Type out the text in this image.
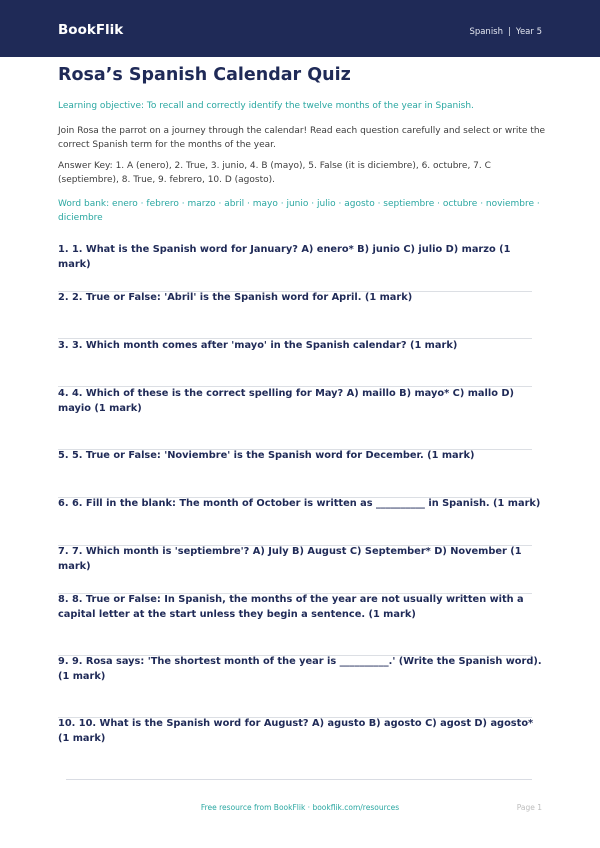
BookFlik	Spanish | Year 5
Rosa’s Spanish Calendar Quiz

Learning objective: To recall and correctly identify the twelve months of the year in Spanish.

Join Rosa the parrot on a journey through the calendar! Read each question carefully and select or write the correct Spanish term for the months of the year.

Answer Key: 1. A (enero), 2. True, 3. junio, 4. B (mayo), 5. False (it is diciembre), 6. octubre, 7. C (septiembre), 8. True, 9. febrero, 10. D (agosto).

Word bank: enero · febrero · marzo · abril · mayo · junio · julio · agosto · septiembre · octubre · noviembre · diciembre

1. 1. What is the Spanish word for January? A) enero* B) junio C) julio D) marzo (1 mark)

2. 2. True or False: 'Abril' is the Spanish word for April. (1 mark)

3. 3. Which month comes after 'mayo' in the Spanish calendar? (1 mark)

4. 4. Which of these is the correct spelling for May? A) maillo B) mayo* C) mallo D) mayio (1 mark)

5. 5. True or False: 'Noviembre' is the Spanish word for December. (1 mark)

6. 6. Fill in the blank: The month of October is written as __________ in Spanish. (1 mark)

7. 7. Which month is 'septiembre'? A) July B) August C) September* D) November (1 mark)

8. 8. True or False: In Spanish, the months of the year are not usually written with a capital letter at the start unless they begin a sentence. (1 mark)

9. 9. Rosa says: 'The shortest month of the year is __________.' (Write the Spanish word). (1 mark)

10. 10. What is the Spanish word for August? A) agusto B) agosto C) agost D) agosto* (1 mark)

Free resource from BookFlik · bookflik.com/resources	Page 1
